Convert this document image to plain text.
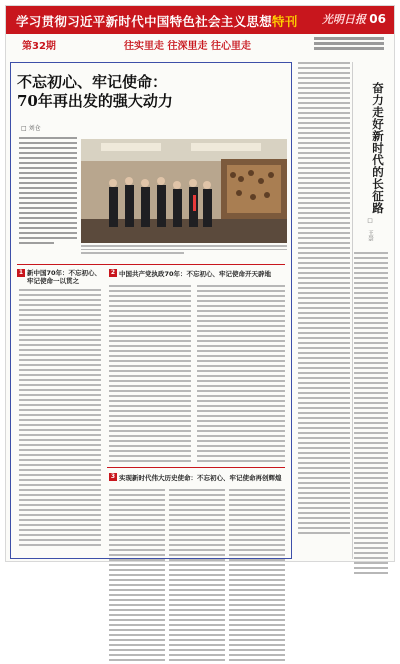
学习贯彻习近平新时代中国特色社会主义思想特刊 光明日报 06
第32期	往实里走 往深里走 往心里走
不忘初心、牢记使命：
70年再出发的强大动力
□ 刘仓
1 新中国70年：不忘初心、牢记使命一以贯之
2 中国共产党执政70年：不忘初心、牢记使命开天辟地
3 实现新时代伟大历史使命：不忘初心、牢记使命再创辉煌
奋力走好新时代的长征路
□ 王崇
